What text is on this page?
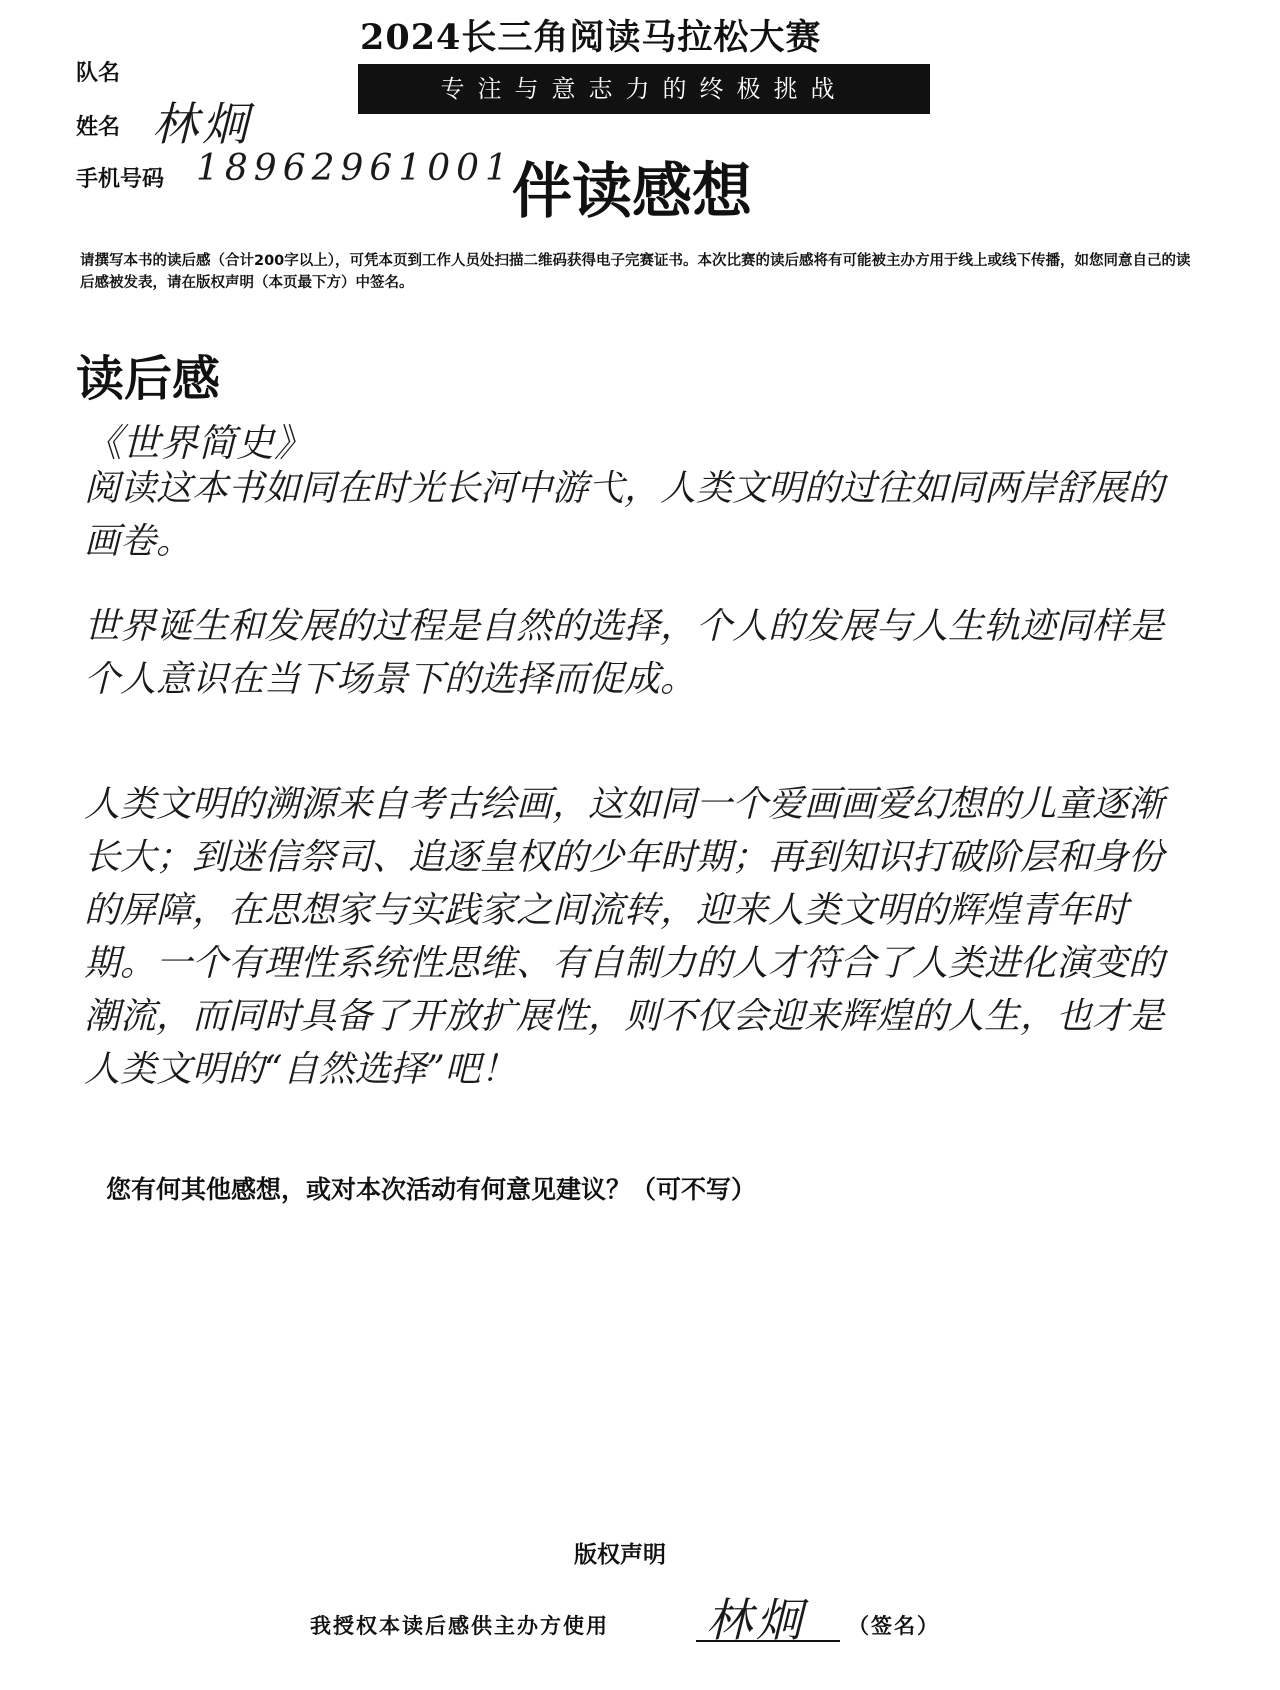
2024长三角阅读马拉松大赛
专注与意志力的终极挑战
队名
姓名 林炯
手机号码 18962961001
伴读感想
请撰写本书的读后感（合计200字以上），可凭本页到工作人员处扫描二维码获得电子完赛证书。本次比赛的读后感将有可能被主办方用于线上或线下传播，如您同意自己的读后感被发表，请在版权声明（本页最下方）中签名。
读后感
《世界简史》
阅读这本书如同在时光长河中游弋，人类文明的过往如同两岸舒展的画卷。
世界诞生和发展的过程是自然的选择，个人的发展与人生轨迹同样是个人意识在当下场景下的选择而促成。
人类文明的溯源来自考古绘画，这如同一个爱画画爱幻想的儿童逐渐长大；到迷信祭司、追逐皇权的少年时期；再到知识打破阶层和身份的屏障，在思想家与实践家之间流转，迎来人类文明的辉煌青年时期。一个有理性系统性思维、有自制力的人才符合了人类进化演变的潮流，而同时具备了开放扩展性，则不仅会迎来辉煌的人生，也才是人类文明的“自然选择”吧！
您有何其他感想，或对本次活动有何意见建议？（可不写）
版权声明
我授权本读后感供主办方使用 林炯 （签名）
